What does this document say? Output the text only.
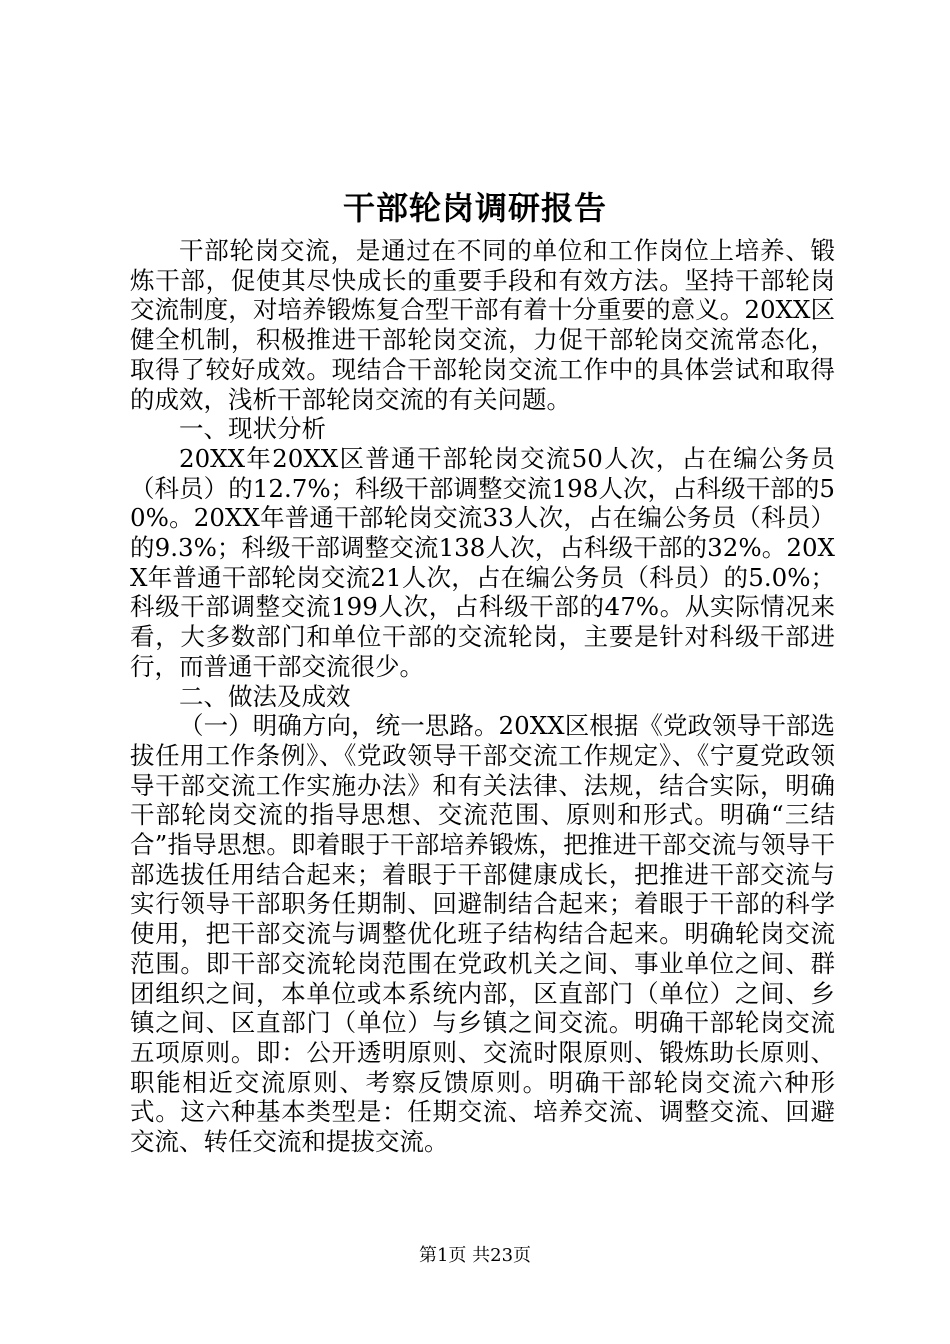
干部轮岗调研报告

干部轮岗交流，是通过在不同的单位和工作岗位上培养、锻炼干部，促使其尽快成长的重要手段和有效方法。坚持干部轮岗交流制度，对培养锻炼复合型干部有着十分重要的意义。20XX区健全机制，积极推进干部轮岗交流，力促干部轮岗交流常态化，取得了较好成效。现结合干部轮岗交流工作中的具体尝试和取得的成效，浅析干部轮岗交流的有关问题。

一、现状分析

20XX年20XX区普通干部轮岗交流50人次，占在编公务员（科员）的12.7%；科级干部调整交流198人次，占科级干部的50%。20XX年普通干部轮岗交流33人次，占在编公务员（科员）的9.3%；科级干部调整交流138人次，占科级干部的32%。20XX年普通干部轮岗交流21人次，占在编公务员（科员）的5.0%；科级干部调整交流199人次，占科级干部的47%。从实际情况来看，大多数部门和单位干部的交流轮岗，主要是针对科级干部进行，而普通干部交流很少。

二、做法及成效

（一）明确方向，统一思路。20XX区根据《党政领导干部选拔任用工作条例》、《党政领导干部交流工作规定》、《宁夏党政领导干部交流工作实施办法》和有关法律、法规，结合实际，明确干部轮岗交流的指导思想、交流范围、原则和形式。明确“三结合”指导思想。即着眼于干部培养锻炼，把推进干部交流与领导干部选拔任用结合起来；着眼于干部健康成长，把推进干部交流与实行领导干部职务任期制、回避制结合起来；着眼于干部的科学使用，把干部交流与调整优化班子结构结合起来。明确轮岗交流范围。即干部交流轮岗范围在党政机关之间、事业单位之间、群团组织之间，本单位或本系统内部，区直部门（单位）之间、乡镇之间、区直部门（单位）与乡镇之间交流。明确干部轮岗交流五项原则。即：公开透明原则、交流时限原则、锻炼助长原则、职能相近交流原则、考察反馈原则。明确干部轮岗交流六种形式。这六种基本类型是：任期交流、培养交流、调整交流、回避交流、转任交流和提拔交流。

第1页 共23页
